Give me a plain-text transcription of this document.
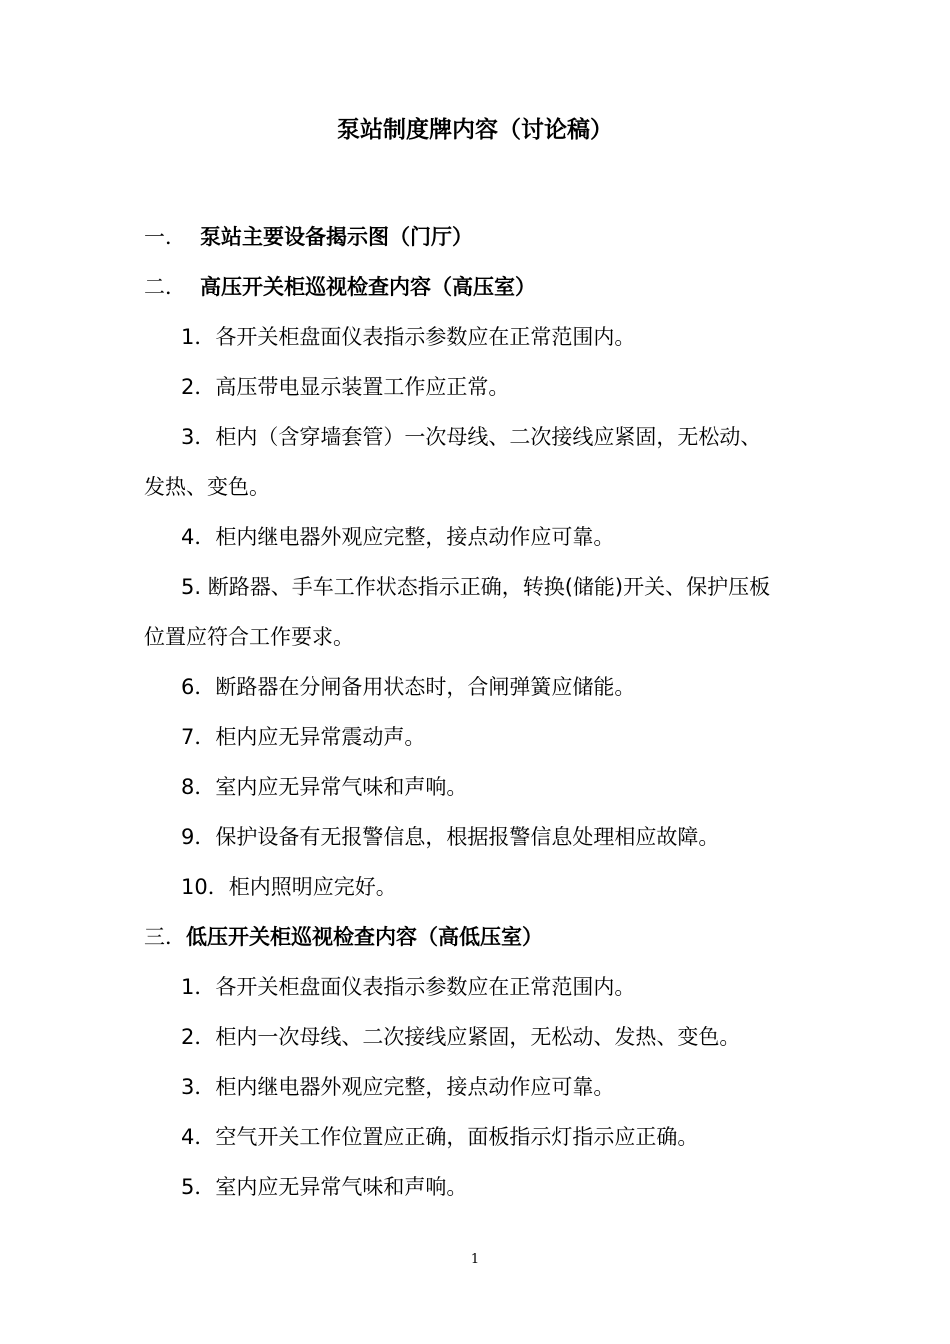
泵站制度牌内容（讨论稿）
一． 泵站主要设备揭示图（门厅）
二． 高压开关柜巡视检查内容（高压室）
1．各开关柜盘面仪表指示参数应在正常范围内。
2．高压带电显示装置工作应正常。
3．柜内（含穿墙套管）一次母线、二次接线应紧固，无松动、
发热、变色。
4．柜内继电器外观应完整，接点动作应可靠。
5. 断路器、手车工作状态指示正确，转换(储能)开关、保护压板
位置应符合工作要求。
6．断路器在分闸备用状态时，合闸弹簧应储能。
7．柜内应无异常震动声。
8．室内应无异常气味和声响。
9．保护设备有无报警信息，根据报警信息处理相应故障。
10．柜内照明应完好。
三．低压开关柜巡视检查内容（高低压室）
1．各开关柜盘面仪表指示参数应在正常范围内。
2．柜内一次母线、二次接线应紧固，无松动、发热、变色。
3．柜内继电器外观应完整，接点动作应可靠。
4．空气开关工作位置应正确，面板指示灯指示应正确。
5．室内应无异常气味和声响。
1
